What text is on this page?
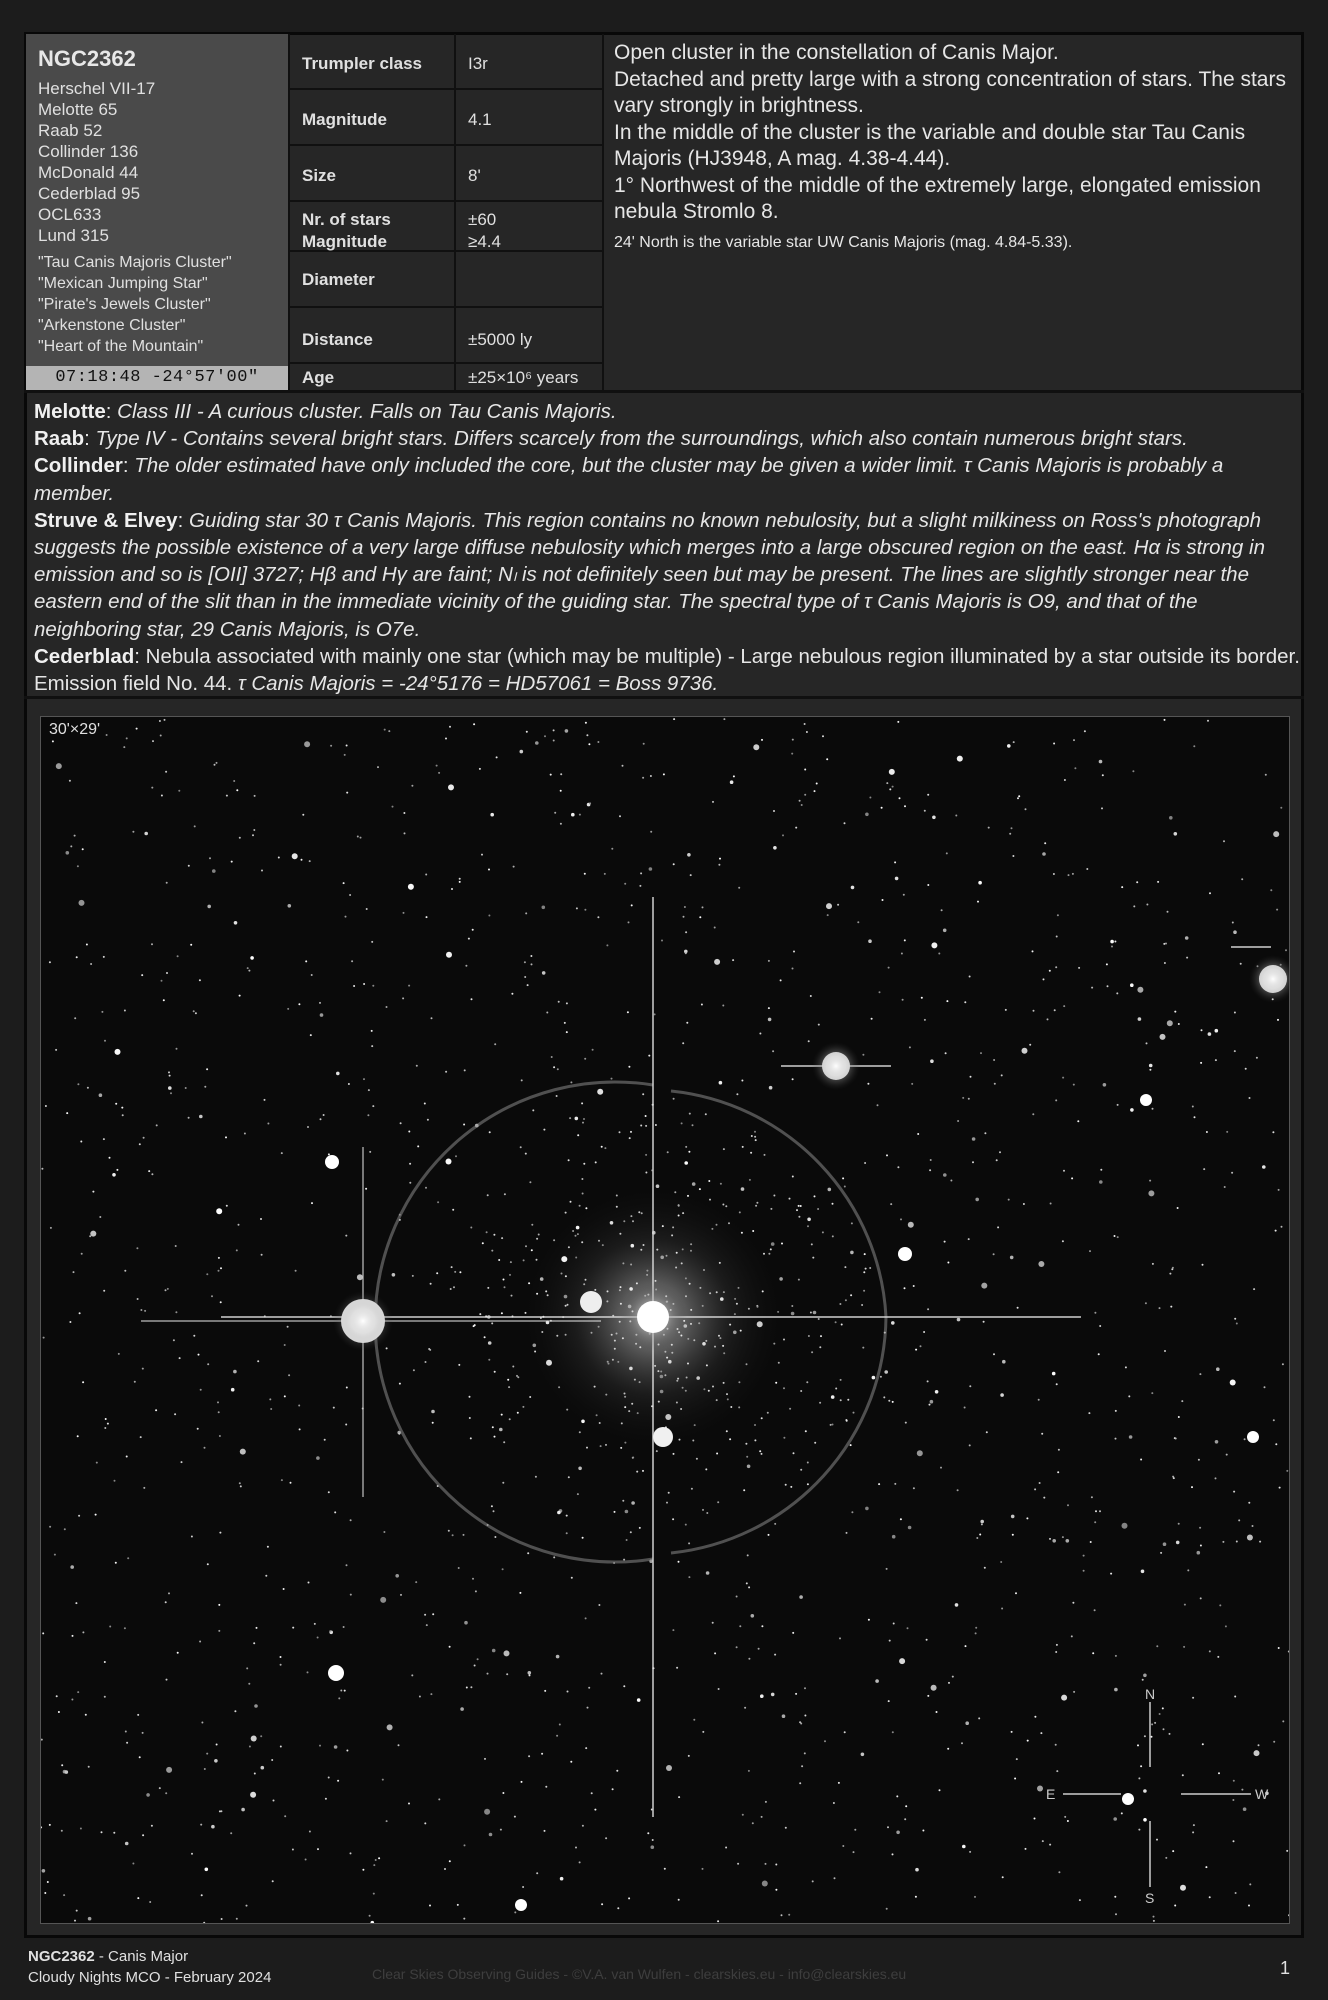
NGC2362
Herschel VII-17
Melotte 65
Raab 52
Collinder 136
McDonald 44
Cederblad 95
OCL633
Lund 315
"Tau Canis Majoris Cluster"
"Mexican Jumping Star"
"Pirate's Jewels Cluster"
"Arkenstone Cluster"
"Heart of the Mountain"
07:18:48 -24°57'00"
Trumpler class	I3r
Magnitude	4.1
Size	8'
Nr. of stars	±60
Magnitude	≥4.4
Diameter
Distance	±5000 ly
Age	±25×10⁶ years
Open cluster in the constellation of Canis Major.
Detached and pretty large with a strong concentration of stars. The stars vary strongly in brightness.
In the middle of the cluster is the variable and double star Tau Canis Majoris (HJ3948, A mag. 4.38-4.44).
1° Northwest of the middle of the extremely large, elongated emission nebula Stromlo 8.
24' North is the variable star UW Canis Majoris (mag. 4.84-5.33).
Melotte: Class III - A curious cluster. Falls on Tau Canis Majoris.
Raab: Type IV - Contains several bright stars. Differs scarcely from the surroundings, which also contain numerous bright stars.
Collinder: The older estimated have only included the core, but the cluster may be given a wider limit. τ Canis Majoris is probably a member.
Struve & Elvey: Guiding star 30 τ Canis Majoris. This region contains no known nebulosity, but a slight milkiness on Ross's photograph suggests the possible existence of a very large diffuse nebulosity which merges into a large obscured region on the east. Hα is strong in emission and so is [OII] 3727; Hβ and Hγ are faint; Nₗ is not definitely seen but may be present. The lines are slightly stronger near the eastern end of the slit than in the immediate vicinity of the guiding star. The spectral type of τ Canis Majoris is O9, and that of the neighboring star, 29 Canis Majoris, is O7e.
Cederblad: Nebula associated with mainly one star (which may be multiple) - Large nebulous region illuminated by a star outside its border. Emission field No. 44. τ Canis Majoris = -24°5176 = HD57061 = Boss 9736.
N
S
E	W
30'×29'
NGC2362 - Canis Major
Cloudy Nights MCO - February 2024	Clear Skies Observing Guides - ©V.A. van Wulfen - clearskies.eu - info@clearskies.eu	1
